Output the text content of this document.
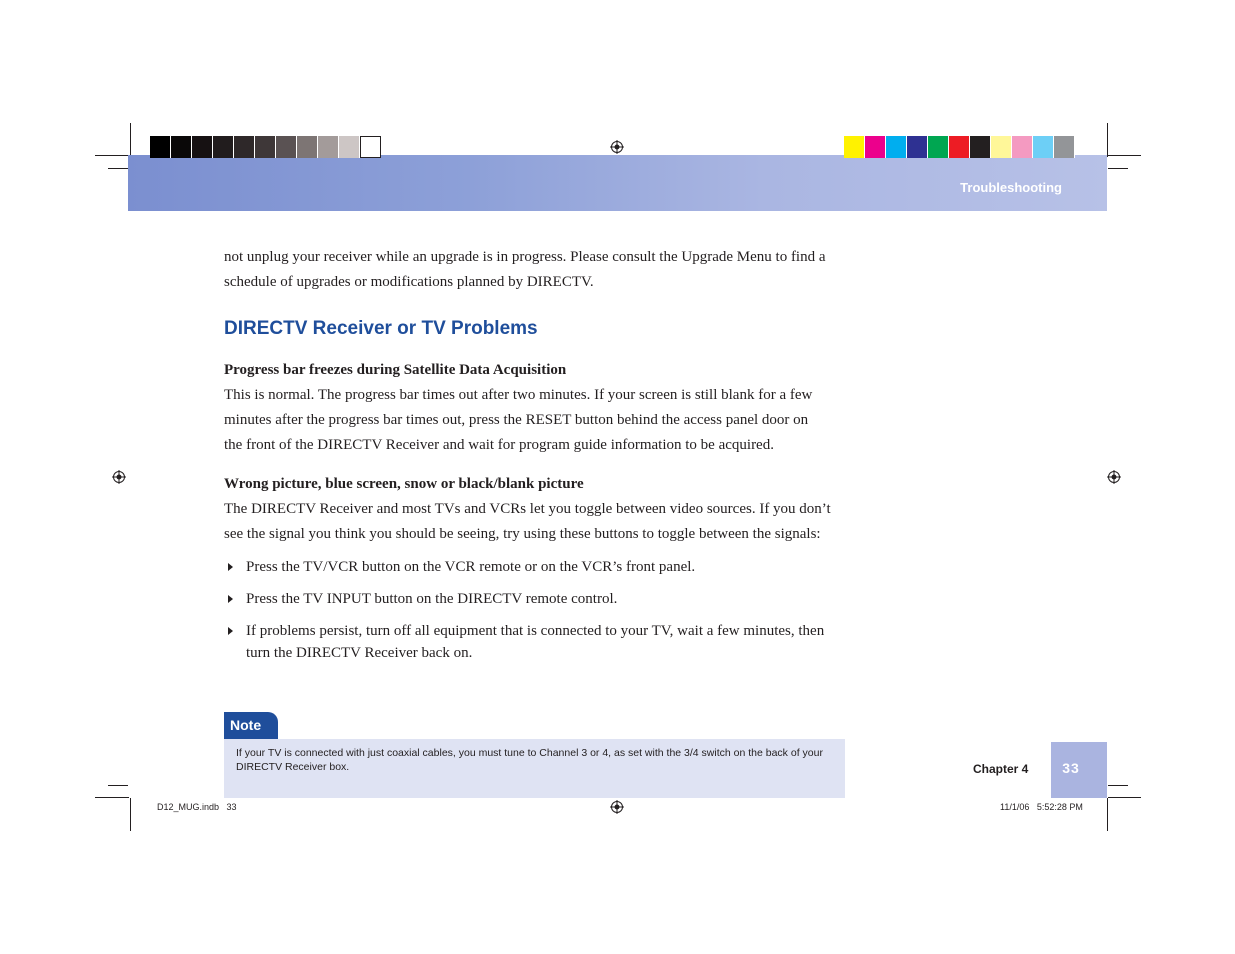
Troubleshooting
not unplug your receiver while an upgrade is in progress. Please consult the Upgrade Menu to find a
schedule of upgrades or modifications planned by DIRECTV.
DIRECTV Receiver or TV Problems
Progress bar freezes during Satellite Data Acquisition
This is normal. The progress bar times out after two minutes. If your screen is still blank for a few
minutes after the progress bar times out, press the RESET button behind the access panel door on
the front of the DIRECTV Receiver and wait for program guide information to be acquired.
Wrong picture, blue screen, snow or black/blank picture
The DIRECTV Receiver and most TVs and VCRs let you toggle between video sources. If you don’t
see the signal you think you should be seeing, try using these buttons to toggle between the signals:
Press the TV/VCR button on the VCR remote or on the VCR’s front panel.
Press the TV INPUT button on the DIRECTV remote control.
If problems persist, turn off all equipment that is connected to your TV, wait a few minutes, then turn the DIRECTV Receiver back on.
Note
If your TV is connected with just coaxial cables, you must tune to Channel 3 or 4, as set with the 3/4 switch on the back of your DIRECTV Receiver box.	Chapter 4	33
D12_MUG.indb   33	11/1/06   5:52:28 PM
